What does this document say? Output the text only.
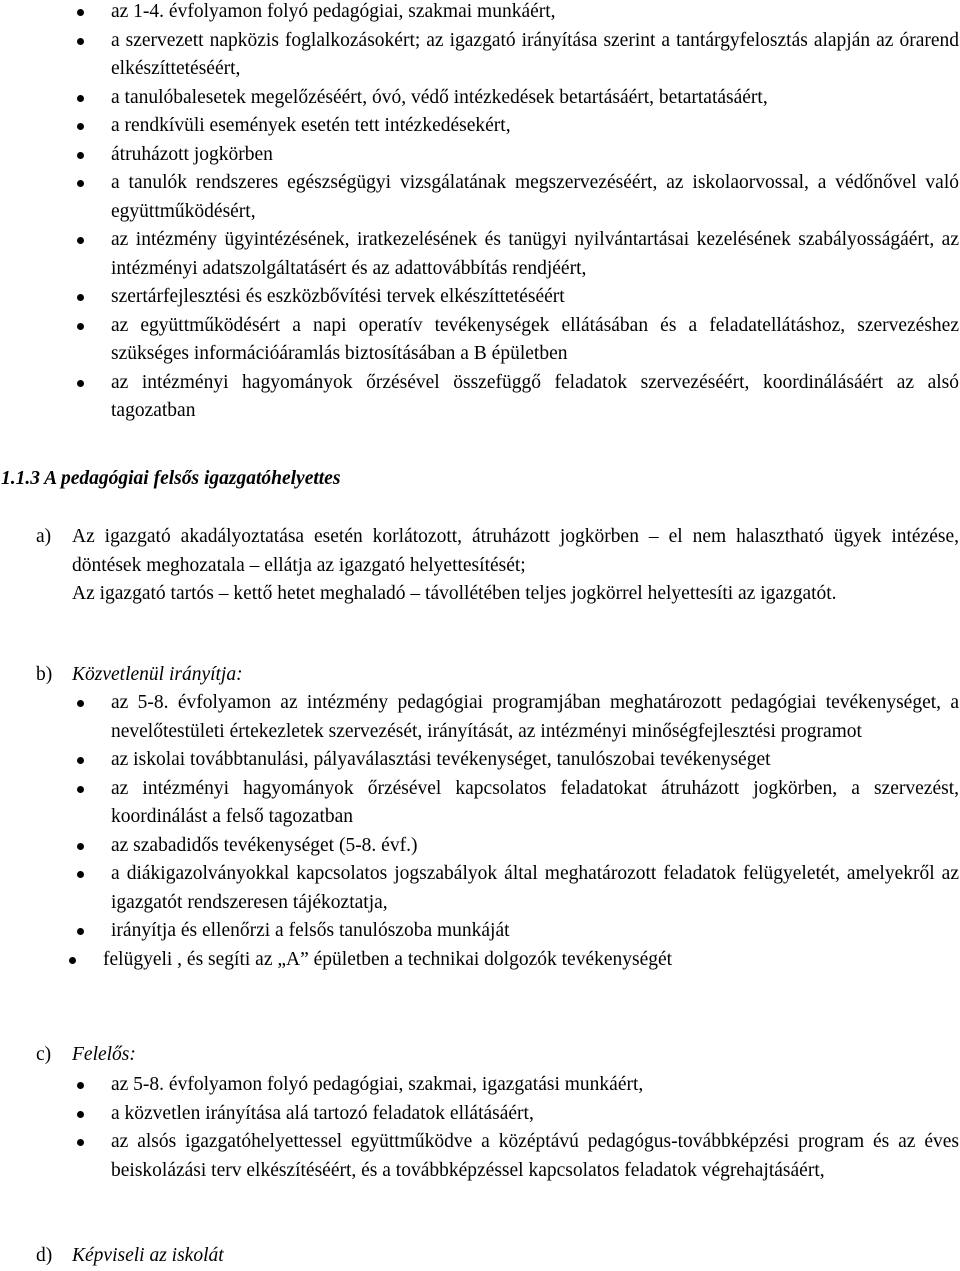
az 1-4. évfolyamon folyó pedagógiai, szakmai munkáért,
a szervezett napközis foglalkozásokért; az igazgató irányítása szerint a tantárgyfelosztás alapján az órarend elkészíttetéséért,
a tanulóbalesetek megelőzéséért, óvó, védő intézkedések betartásáért, betartatásáért,
a rendkívüli események esetén tett intézkedésekért,
átruházott jogkörben
a tanulók rendszeres egészségügyi vizsgálatának megszervezéséért, az iskolaorvossal, a védőnővel való együttműködésért,
az intézmény ügyintézésének, iratkezelésének és tanügyi nyilvántartásai kezelésének szabályosságáért, az intézményi adatszolgáltatásért és az adattovábbítás rendjéért,
szertárfejlesztési és eszközbővítési tervek elkészíttetéséért
az együttműködésért a napi operatív tevékenységek ellátásában és a feladatellátáshoz, szervezéshez szükséges információáramlás biztosításában a B épületben
az intézményi hagyományok őrzésével összefüggő feladatok szervezéséért, koordinálásáért az alsó tagozatban

1.1.3 A pedagógiai felsős igazgatóhelyettes

a)	Az igazgató akadályoztatása esetén korlátozott, átruházott jogkörben – el nem halasztható ügyek intézése, döntések meghozatala – ellátja az igazgató helyettesítését;
Az igazgató tartós – kettő hetet meghaladó – távollétében teljes jogkörrel helyettesíti az igazgatót.
b) Közvetlenül irányítja:
az 5-8. évfolyamon az intézmény pedagógiai programjában meghatározott pedagógiai tevékenységet, a nevelőtestületi értekezletek szervezését, irányítását, az intézményi minőségfejlesztési programot
az iskolai továbbtanulási, pályaválasztási tevékenységet, tanulószobai tevékenységet
az intézményi hagyományok őrzésével kapcsolatos feladatokat átruházott jogkörben, a szervezést, koordinálást a felső tagozatban
az szabadidős tevékenységet (5-8. évf.)
a diákigazolványokkal kapcsolatos jogszabályok által meghatározott feladatok felügyeletét, amelyekről az igazgatót rendszeresen tájékoztatja,
irányítja és ellenőrzi a felsős tanulószoba munkáját
felügyeli , és segíti az „A” épületben a technikai dolgozók tevékenységét
c) Felelős:
az 5-8. évfolyamon folyó pedagógiai, szakmai, igazgatási munkáért,
a közvetlen irányítása alá tartozó feladatok ellátásáért,
az alsós igazgatóhelyettessel együttműködve a középtávú pedagógus-továbbképzési program és az éves beiskolázási terv elkészítéséért, és a továbbképzéssel kapcsolatos feladatok végrehajtásáért,
d) Képviseli az iskolát
